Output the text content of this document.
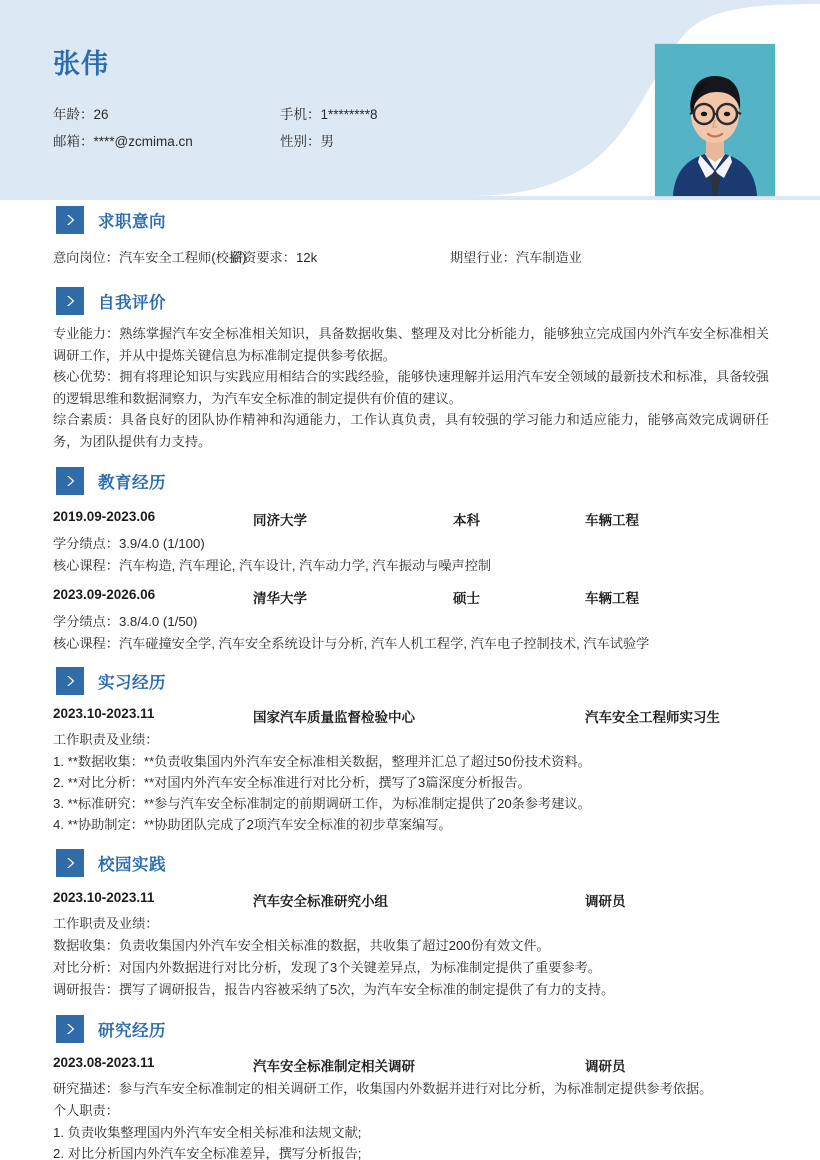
张伟
年龄：26
邮箱：****@zcmima.cn
手机：1********8
性别：男
求职意向
意向岗位：汽车安全工程师(校招)
薪资要求：12k	期望行业：汽车制造业
自我评价
专业能力：熟练掌握汽车安全标准相关知识，具备数据收集、整理及对比分析能力，能够独立完成国内外汽车安全标准相关调研工作，并从中提炼关键信息为标准制定提供参考依据。
核心优势：拥有将理论知识与实践应用相结合的实践经验，能够快速理解并运用汽车安全领域的最新技术和标准，具备较强的逻辑思维和数据洞察力，为汽车安全标准的制定提供有价值的建议。
综合素质：具备良好的团队协作精神和沟通能力，工作认真负责，具有较强的学习能力和适应能力，能够高效完成调研任务，为团队提供有力支持。
教育经历
2019.09-2023.06	同济大学	本科	车辆工程
学分绩点：3.9/4.0 (1/100)
核心课程：汽车构造, 汽车理论, 汽车设计, 汽车动力学, 汽车振动与噪声控制
2023.09-2026.06	清华大学	硕士	车辆工程
学分绩点：3.8/4.0 (1/50)
核心课程：汽车碰撞安全学, 汽车安全系统设计与分析, 汽车人机工程学, 汽车电子控制技术, 汽车试验学
实习经历
2023.10-2023.11	国家汽车质量监督检验中心	汽车安全工程师实习生
工作职责及业绩：
1. **数据收集：**负责收集国内外汽车安全标准相关数据，整理并汇总了超过50份技术资料。
2. **对比分析：**对国内外汽车安全标准进行对比分析，撰写了3篇深度分析报告。
3. **标准研究：**参与汽车安全标准制定的前期调研工作，为标准制定提供了20条参考建议。
4. **协助制定：**协助团队完成了2项汽车安全标准的初步草案编写。
校园实践
2023.10-2023.11	汽车安全标准研究小组	调研员
工作职责及业绩：
数据收集：负责收集国内外汽车安全相关标准的数据，共收集了超过200份有效文件。
对比分析：对国内外数据进行对比分析，发现了3个关键差异点，为标准制定提供了重要参考。
调研报告：撰写了调研报告，报告内容被采纳了5次，为汽车安全标准的制定提供了有力的支持。
研究经历
2023.08-2023.11	汽车安全标准制定相关调研	调研员
研究描述：参与汽车安全标准制定的相关调研工作，收集国内外数据并进行对比分析，为标准制定提供参考依据。
个人职责：
1. 负责收集整理国内外汽车安全相关标准和法规文献;
2. 对比分析国内外汽车安全标准差异，撰写分析报告;
